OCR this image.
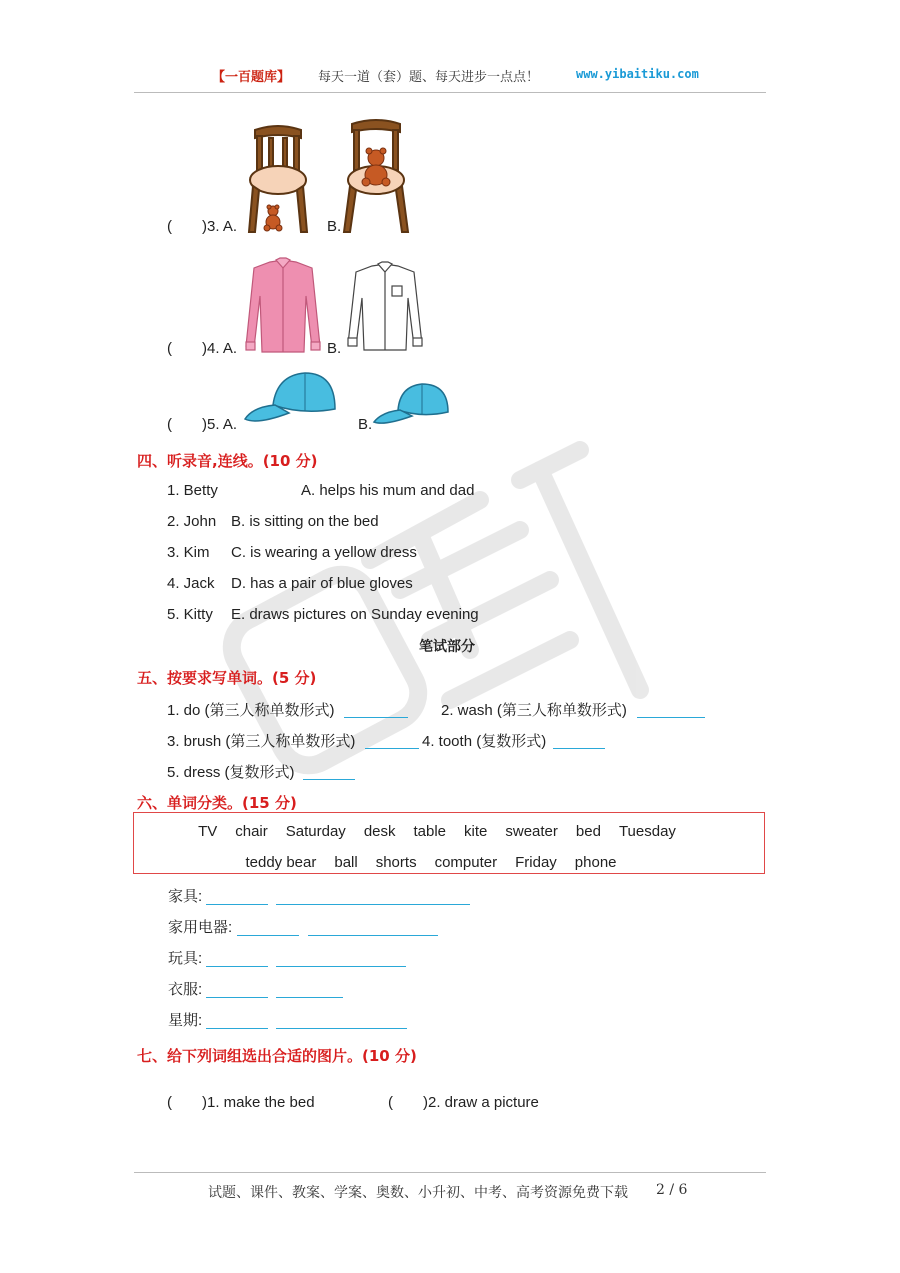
【一百题库】 每天一道（套）题、每天进步一点点！	www.yibaitiku.com
( )3. A.	B.
( )4. A.	B.
( )5. A.	B.
四、听录音,连线。(10 分)
1. Betty	A. helps his mum and dad
2. John B. is sitting on the bed
3. Kim C. is wearing a yellow dress
4. Jack D. has a pair of blue gloves
5. Kitty E. draws pictures on Sunday evening
笔试部分
五、按要求写单词。(5 分)
1. do (第三人称单数形式)	2. wash (第三人称单数形式)
3. brush (第三人称单数形式)	4. tooth (复数形式)
5. dress (复数形式)
六、单词分类。(15 分)
TV chair Saturday desk table kite sweater bed Tuesday
teddy bear ball shorts computer Friday phone
家具:
家用电器:
玩具:
衣服:
星期:
七、给下列词组选出合适的图片。(10 分)
( )1. make the bed	( )2. draw a picture
试题、课件、教案、学案、奥数、小升初、中考、高考资源免费下载 2 / 6
